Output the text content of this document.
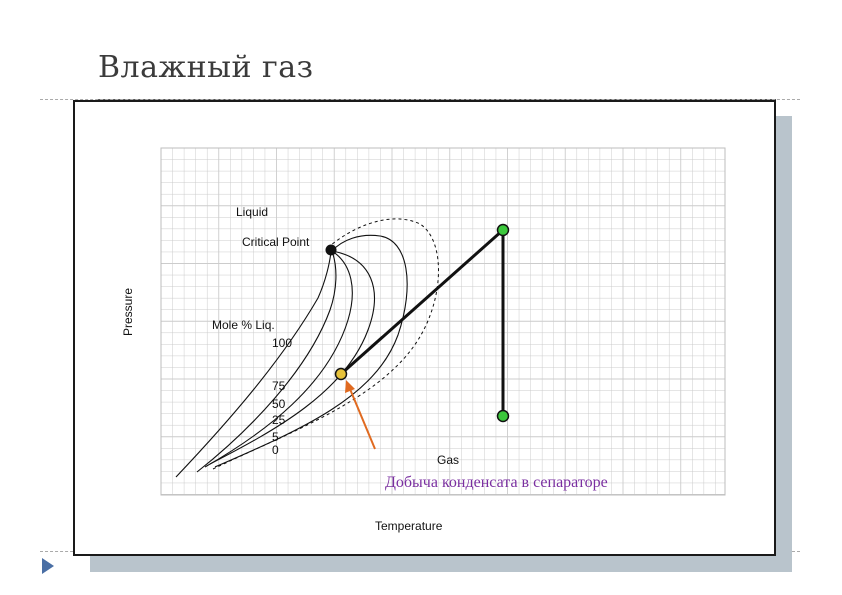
Влажный газ
Liquid
Critical Point
Mole % Liq.
100
75
50
25
5
0
Gas
Temperature
Pressure
Добыча конденсата в сепараторе
